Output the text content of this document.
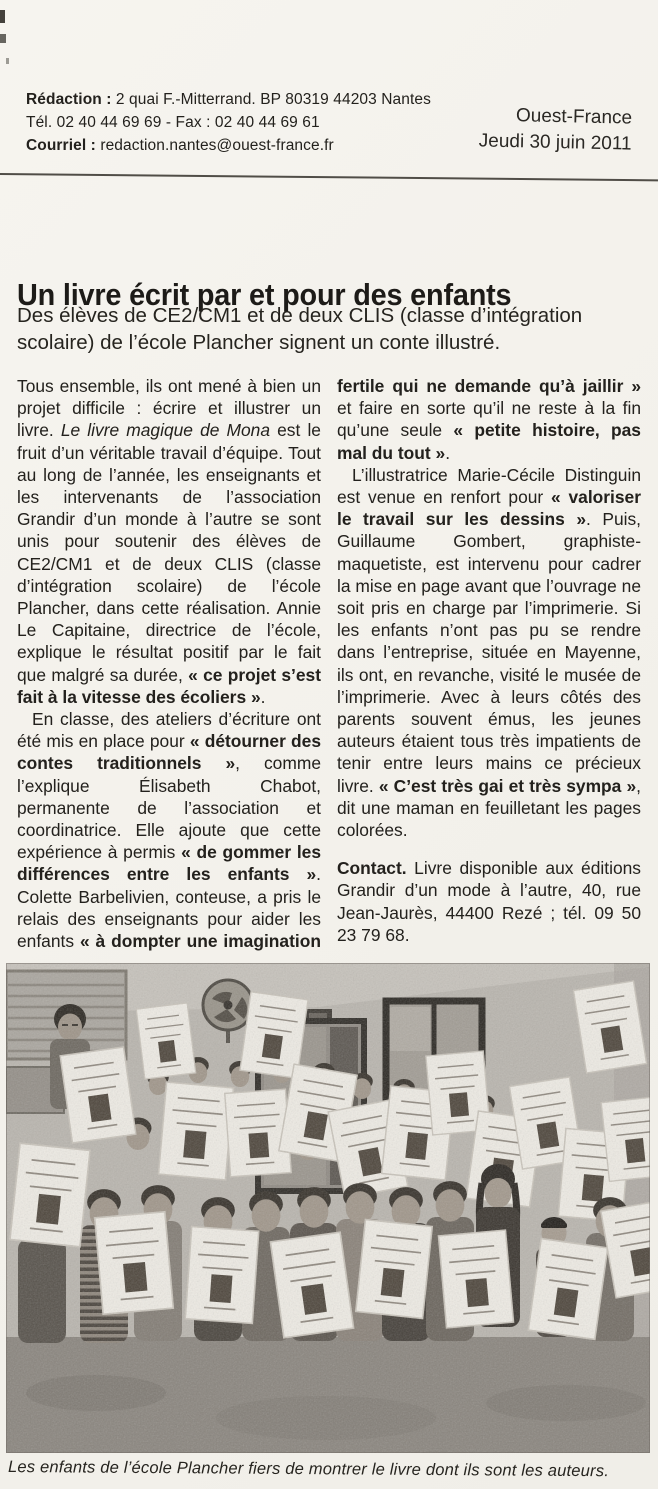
Rédaction : 2 quai F.-Mitterrand. BP 80319 44203 Nantes
Tél. 02 40 44 69 69 - Fax : 02 40 44 69 61
Courriel : redaction.nantes@ouest-france.fr
Ouest-France
Jeudi 30 juin 2011
Un livre écrit par et pour des enfants
Des élèves de CE2/CM1 et de deux CLIS (classe d’intégration scolaire) de l’école Plancher signent un conte illustré.

Tous ensemble, ils ont mené à bien un projet difficile : écrire et illustrer un livre. Le livre magique de Mona est le fruit d’un véritable travail d’équipe. Tout au long de l’année, les enseignants et les intervenants de l’association Grandir d’un monde à l’autre se sont unis pour soutenir des élèves de CE2/CM1 et de deux CLIS (classe d’intégration scolaire) de l’école Plancher, dans cette réalisation. Annie Le Capitaine, directrice de l’école, explique le résultat positif par le fait que malgré sa durée, « ce projet s’est fait à la vitesse des écoliers ».

En classe, des ateliers d’écriture ont été mis en place pour « détourner des contes traditionnels », comme l’explique Élisabeth Chabot, permanente de l’association et coordinatrice. Elle ajoute que cette expérience à permis « de gommer les différences entre les enfants ». Colette Barbelivien, conteuse, a pris le relais des enseignants pour aider les enfants « à dompter une imagination fertile qui ne demande qu’à jaillir » et faire en sorte qu’il ne reste à la fin qu’une seule « petite histoire, pas mal du tout ».

L’illustratrice Marie-Cécile Distinguin est venue en renfort pour « valoriser le travail sur les dessins ». Puis, Guillaume Gombert, graphiste-maquetiste, est intervenu pour cadrer la mise en page avant que l’ouvrage ne soit pris en charge par l’imprimerie. Si les enfants n’ont pas pu se rendre dans l’entreprise, située en Mayenne, ils ont, en revanche, visité le musée de l’imprimerie. Avec à leurs côtés des parents souvent émus, les jeunes auteurs étaient tous très impatients de tenir entre leurs mains ce précieux livre. « C’est très gai et très sympa », dit une maman en feuilletant les pages colorées.

Contact. Livre disponible aux éditions Grandir d’un mode à l’autre, 40, rue Jean-Jaurès, 44400 Rezé ; tél. 09 50 23 79 68.

Les enfants de l’école Plancher fiers de montrer le livre dont ils sont les auteurs.
